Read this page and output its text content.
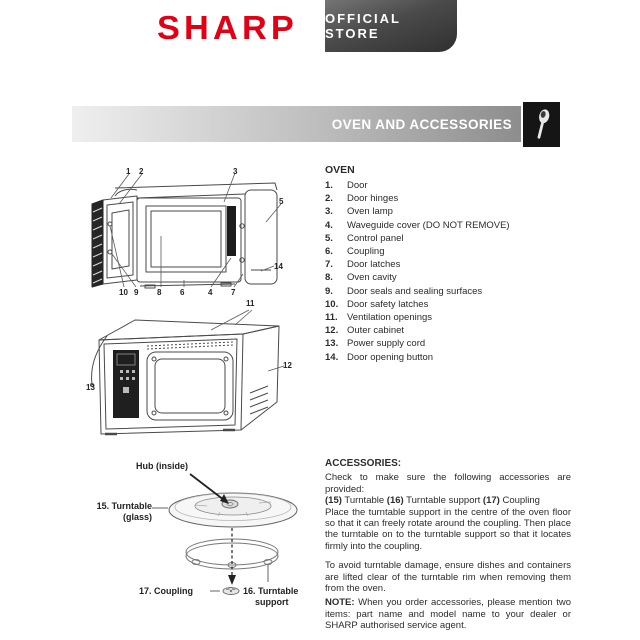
SHARP OFFICIAL STORE
OVEN AND ACCESSORIES
1 2	3
5
14
10 9 8 6	4 7
11
12
13
Hub (inside)
15. Turntable
(glass)
17. Coupling	16. Turntable
support
OVEN
1.	Door
2.	Door hinges
3.	Oven lamp
4.	Waveguide cover (DO NOT REMOVE)
5.	Control panel
6.	Coupling
7.	Door latches
8.	Oven cavity
9.	Door seals and sealing surfaces
10. Door safety latches
11. Ventilation openings
12. Outer cabinet
13. Power supply cord
14. Door opening button
ACCESSORIES:

Check to make sure the following accessories are provided:

(15) Turntable (16) Turntable support (17) Coupling

Place the turntable support in the centre of the oven floor so that it can freely rotate around the coupling. Then place the turntable on to the turntable support so that it locates firmly into the coupling.

To avoid turntable damage, ensure dishes and containers are lifted clear of the turntable rim when removing them from the oven.

NOTE: When you order accessories, please mention two items: part name and model name to your dealer or SHARP authorised service agent.
